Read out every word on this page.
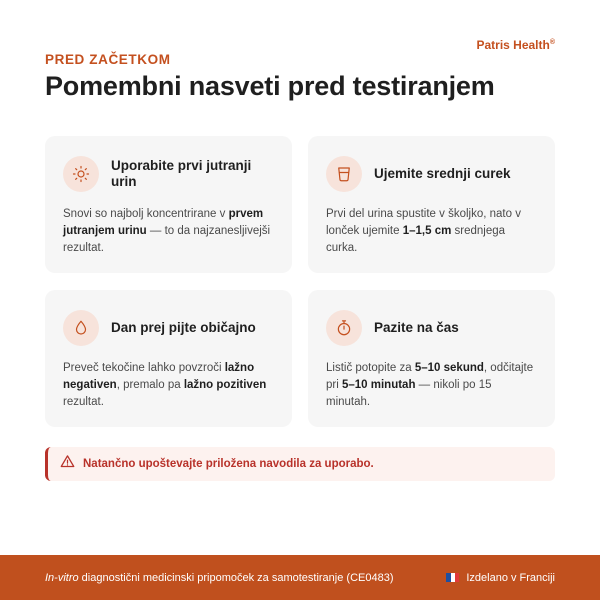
Patris Health®
PRED ZAČETKOM
Pomembni nasveti pred testiranjem
Uporabite prvi jutranji urin

Snovi so najbolj koncentrirane v prvem jutranjem urinu — to da najzanesljivejši rezultat.

Ujemite srednji curek

Prvi del urina spustite v školjko, nato v lonček ujemite 1–1,5 cm srednjega curka.

Dan prej pijte običajno

Preveč tekočine lahko povzroči lažno negativen, premalo pa lažno pozitiven rezultat.

Pazite na čas

Listič potopite za 5–10 sekund, odčitajte pri 5–10 minutah — nikoli po 15 minutah.

Natančno upoštevajte priložena navodila za uporabo.
In-vitro diagnostični medicinski pripomoček za samotestiranje (CE0483)	Izdelano v Franciji
